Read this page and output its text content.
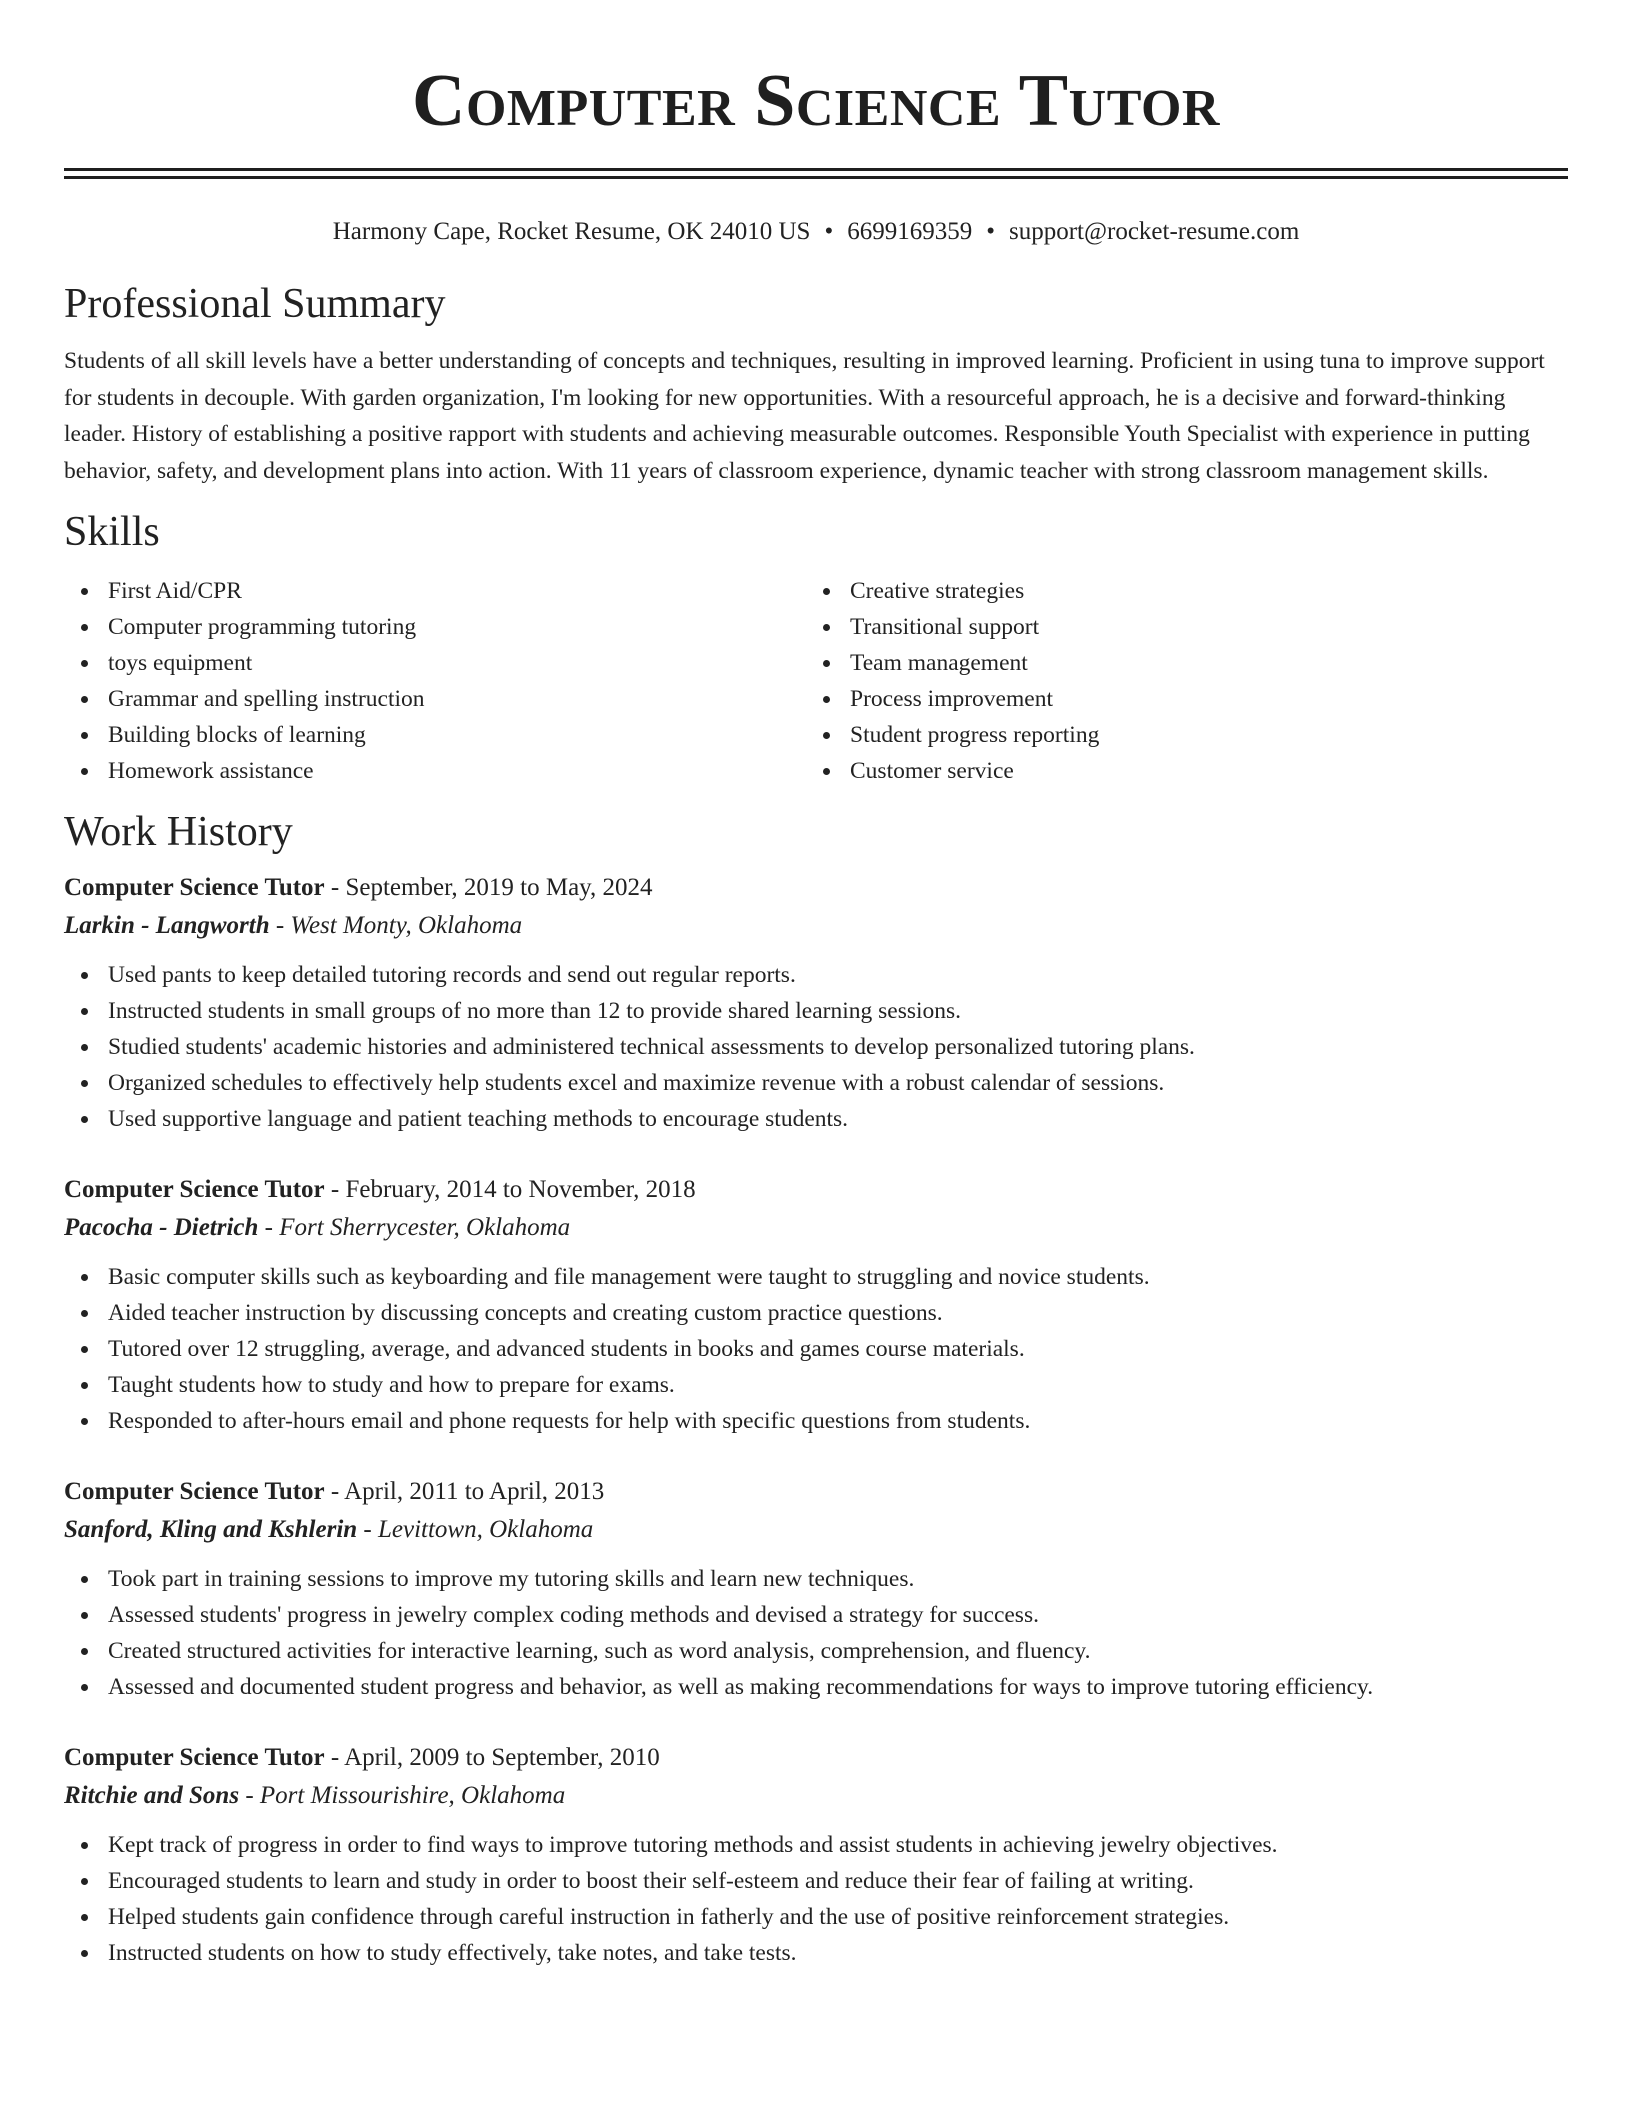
Computer Science Tutor
Harmony Cape, Rocket Resume, OK 24010 US • 6699169359 • support@rocket-resume.com
Professional Summary

Students of all skill levels have a better understanding of concepts and techniques, resulting in improved learning. Proficient in using tuna to improve support for students in decouple. With garden organization, I'm looking for new opportunities. With a resourceful approach, he is a decisive and forward-thinking leader. History of establishing a positive rapport with students and achieving measurable outcomes. Responsible Youth Specialist with experience in putting behavior, safety, and development plans into action. With 11 years of classroom experience, dynamic teacher with strong classroom management skills.

Skills
First Aid/CPR
Computer programming tutoring
toys equipment
Grammar and spelling instruction
Building blocks of learning
Homework assistance
Creative strategies
Transitional support
Team management
Process improvement
Student progress reporting
Customer service
Work History
Computer Science Tutor - September, 2019 to May, 2024
Larkin - Langworth - West Monty, Oklahoma
Used pants to keep detailed tutoring records and send out regular reports.
Instructed students in small groups of no more than 12 to provide shared learning sessions.
Studied students' academic histories and administered technical assessments to develop personalized tutoring plans.
Organized schedules to effectively help students excel and maximize revenue with a robust calendar of sessions.
Used supportive language and patient teaching methods to encourage students.
Computer Science Tutor - February, 2014 to November, 2018
Pacocha - Dietrich - Fort Sherrycester, Oklahoma
Basic computer skills such as keyboarding and file management were taught to struggling and novice students.
Aided teacher instruction by discussing concepts and creating custom practice questions.
Tutored over 12 struggling, average, and advanced students in books and games course materials.
Taught students how to study and how to prepare for exams.
Responded to after-hours email and phone requests for help with specific questions from students.
Computer Science Tutor - April, 2011 to April, 2013
Sanford, Kling and Kshlerin - Levittown, Oklahoma
Took part in training sessions to improve my tutoring skills and learn new techniques.
Assessed students' progress in jewelry complex coding methods and devised a strategy for success.
Created structured activities for interactive learning, such as word analysis, comprehension, and fluency.
Assessed and documented student progress and behavior, as well as making recommendations for ways to improve tutoring efficiency.
Computer Science Tutor - April, 2009 to September, 2010
Ritchie and Sons - Port Missourishire, Oklahoma
Kept track of progress in order to find ways to improve tutoring methods and assist students in achieving jewelry objectives.
Encouraged students to learn and study in order to boost their self-esteem and reduce their fear of failing at writing.
Helped students gain confidence through careful instruction in fatherly and the use of positive reinforcement strategies.
Instructed students on how to study effectively, take notes, and take tests.
